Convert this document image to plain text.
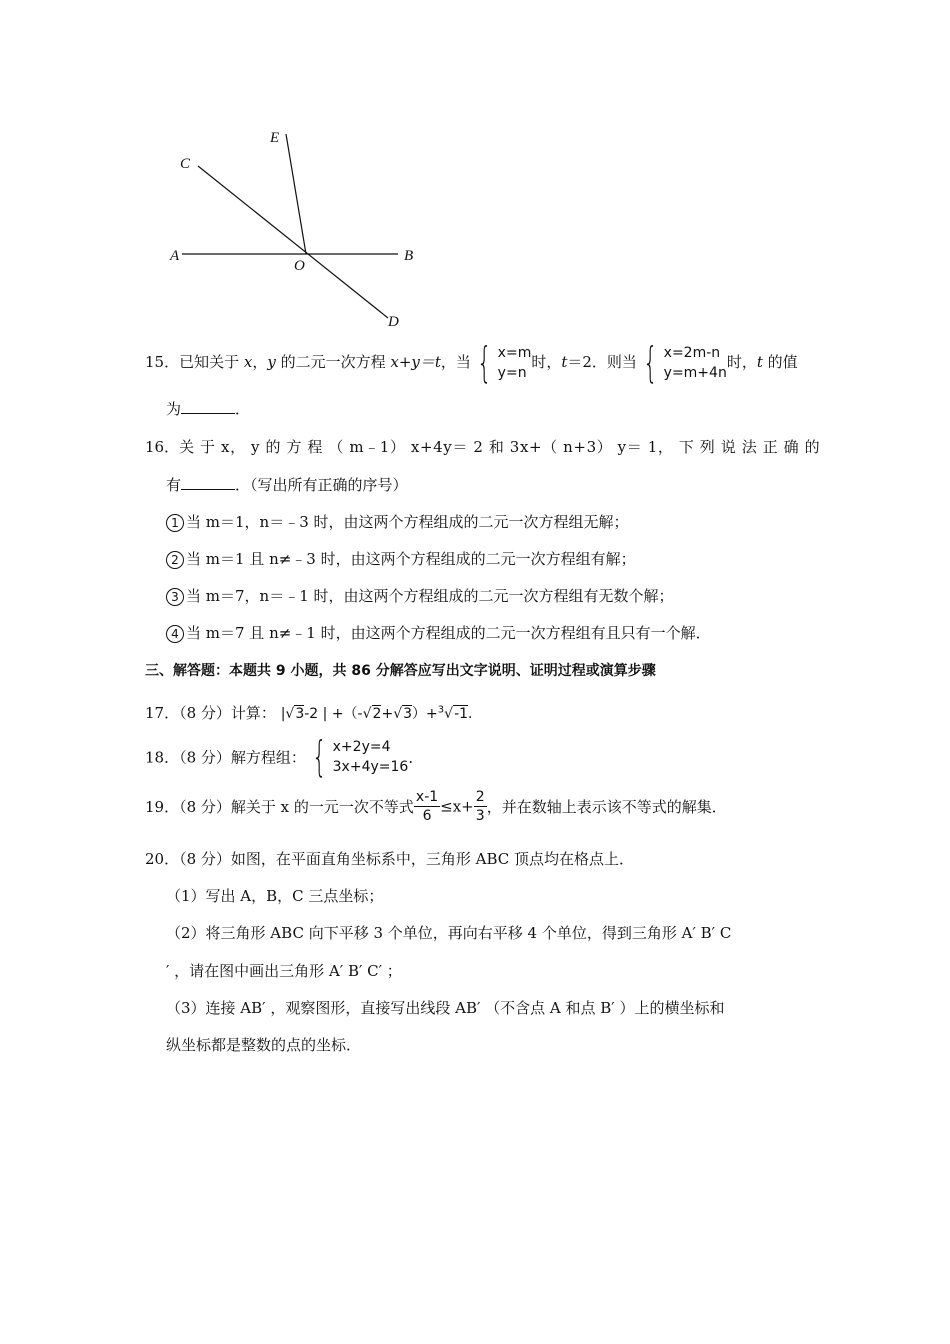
E
C
A
O
B
D
15．已知关于 x，y 的二元一次方程 x+y＝t，当 { x=m
y=n时，t＝2．则当 { x=2m-n
y=m+4n时，t 的值
为	．
16．关 于 x， y 的 方 程 （ m﹣1） x+4y＝ 2 和 3x+（ n+3） y＝ 1， 下 列 说 法 正 确 的
有	．（写出所有正确的序号）
1 当 m＝1，n＝﹣3 时，由这两个方程组成的二元一次方程组无解；
2 当 m＝1 且 n≠﹣3 时，由这两个方程组成的二元一次方程组有解；
3 当 m＝7，n＝﹣1 时，由这两个方程组成的二元一次方程组有无数个解；
4 当 m＝7 且 n≠﹣1 时，由这两个方程组成的二元一次方程组有且只有一个解．
三、解答题：本题共 9 小题，共 86 分解答应写出文字说明、证明过程或演算步骤
17．（8 分）计算： |√3-2 | +（-√2+√3）+$^3$√-1.
18．（8 分）解方程组： { x+2y=4
3x+4y=16．
19．（8 分）解关于 x 的一元一次不等式 $\frac{x-1}{6} \le x+ \frac{2}{3}$ ，并在数轴上表示该不等式的解集．
20．（8 分）如图，在平面直角坐标系中，三角形 ABC 顶点均在格点上．
（1）写出 A，B，C 三点坐标；
（2）将三角形 ABC 向下平移 3 个单位，再向右平移 4 个单位，得到三角形 A′ B′ C
′ ，请在图中画出三角形 A′ B′ C′ ；
（3）连接 AB′ ，观察图形，直接写出线段 AB′ （不含点 A 和点 B′ ）上的横坐标和
纵坐标都是整数的点的坐标．
